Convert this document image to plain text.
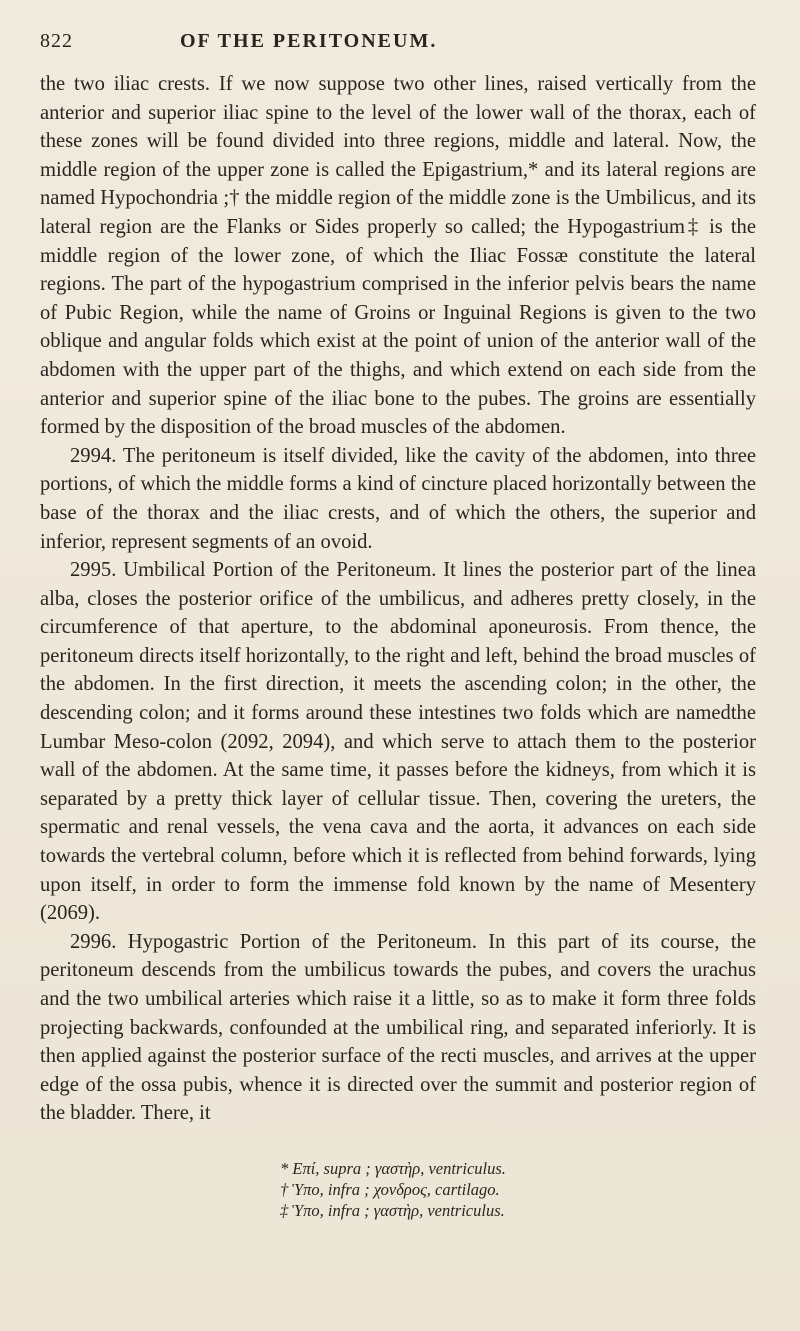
822	OF THE PERITONEUM.

the two iliac crests. If we now suppose two other lines, raised vertically from the anterior and superior iliac spine to the level of the lower wall of the thorax, each of these zones will be found divided into three regions, middle and lateral. Now, the middle region of the upper zone is called the Epigastrium,* and its lateral regions are named Hypochondria ;† the middle region of the middle zone is the Umbilicus, and its lateral region are the Flanks or Sides properly so called; the Hypogastrium‡ is the middle region of the lower zone, of which the Iliac Fossæ constitute the lateral regions. The part of the hypogastrium comprised in the inferior pelvis bears the name of Pubic Region, while the name of Groins or Inguinal Regions is given to the two oblique and angular folds which exist at the point of union of the anterior wall of the abdomen with the upper part of the thighs, and which extend on each side from the anterior and superior spine of the iliac bone to the pubes. The groins are essentially formed by the disposition of the broad muscles of the abdomen.

2994. The peritoneum is itself divided, like the cavity of the abdomen, into three portions, of which the middle forms a kind of cincture placed horizontally between the base of the thorax and the iliac crests, and of which the others, the superior and inferior, represent segments of an ovoid.

2995. Umbilical Portion of the Peritoneum. It lines the posterior part of the linea alba, closes the posterior orifice of the umbilicus, and adheres pretty closely, in the circumference of that aperture, to the abdominal aponeurosis. From thence, the peritoneum directs itself horizontally, to the right and left, behind the broad muscles of the abdomen. In the first direction, it meets the ascending colon; in the other, the descending colon; and it forms around these intestines two folds which are namedthe Lumbar Meso-colon (2092, 2094), and which serve to attach them to the posterior wall of the abdomen. At the same time, it passes before the kidneys, from which it is separated by a pretty thick layer of cellular tissue. Then, covering the ureters, the spermatic and renal vessels, the vena cava and the aorta, it advances on each side towards the vertebral column, before which it is reflected from behind forwards, lying upon itself, in order to form the immense fold known by the name of Mesentery (2069).

2996. Hypogastric Portion of the Peritoneum. In this part of its course, the peritoneum descends from the umbilicus towards the pubes, and covers the urachus and the two umbilical arteries which raise it a little, so as to make it form three folds projecting backwards, confounded at the umbilical ring, and separated inferiorly. It is then applied against the posterior surface of the recti muscles, and arrives at the upper edge of the ossa pubis, whence it is directed over the summit and posterior region of the bladder. There, it

* Επί, supra ; γαστὴρ, ventriculus.
† Ὑπο, infra ; χονδρος, cartilago.
‡ Ὑπο, infra ; γαστὴρ, ventriculus.
